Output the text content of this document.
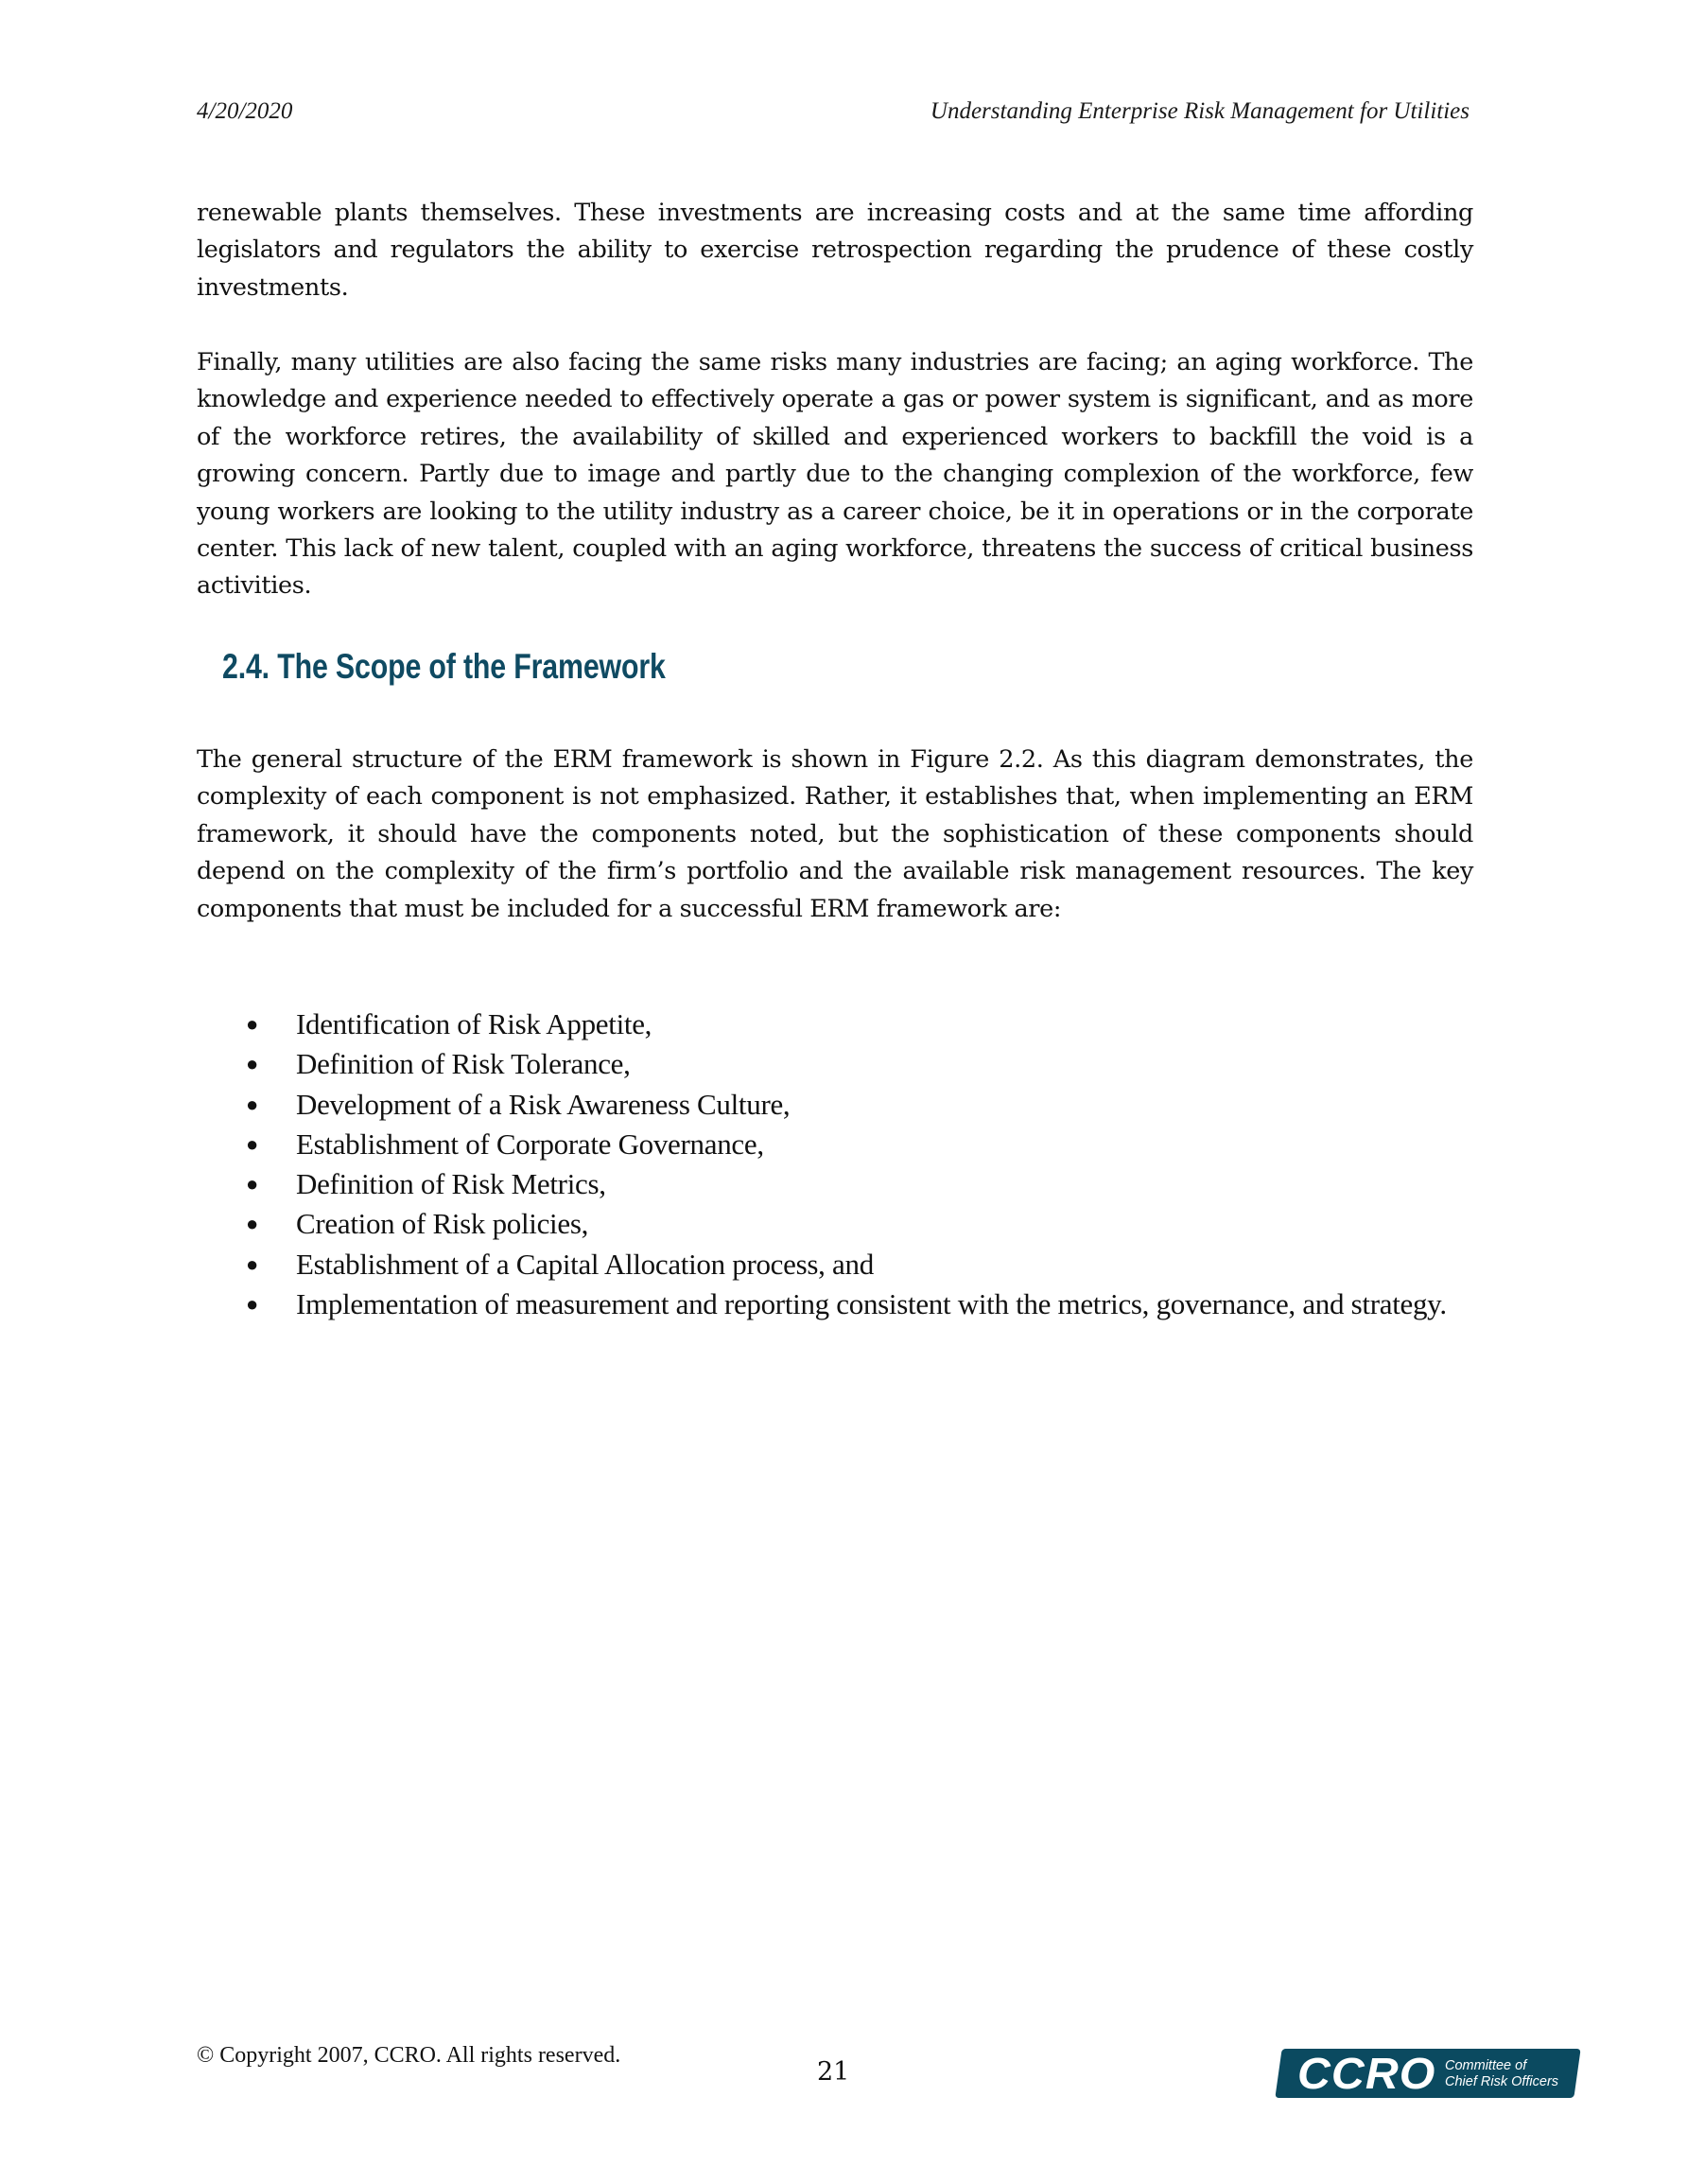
4/20/2020	Understanding Enterprise Risk Management for Utilities

renewable plants themselves. These investments are increasing costs and at the same time affording legislators and regulators the ability to exercise retrospection regarding the prudence of these costly investments.

Finally, many utilities are also facing the same risks many industries are facing; an aging workforce. The knowledge and experience needed to effectively operate a gas or power system is significant, and as more of the workforce retires, the availability of skilled and experienced workers to backfill the void is a growing concern. Partly due to image and partly due to the changing complexion of the workforce, few young workers are looking to the utility industry as a career choice, be it in operations or in the corporate center. This lack of new talent, coupled with an aging workforce, threatens the success of critical business activities.

2.4. The Scope of the Framework

The general structure of the ERM framework is shown in Figure 2.2. As this diagram demonstrates, the complexity of each component is not emphasized. Rather, it establishes that, when implementing an ERM framework, it should have the components noted, but the sophistication of these components should depend on the complexity of the firm’s portfolio and the available risk management resources. The key components that must be included for a successful ERM framework are:

● Identification of Risk Appetite,
● Definition of Risk Tolerance,
● Development of a Risk Awareness Culture,
● Establishment of Corporate Governance,
● Definition of Risk Metrics,
● Creation of Risk policies,
● Establishment of a Capital Allocation process, and
● Implementation of measurement and reporting consistent with the metrics, governance, and strategy.
© Copyright 2007, CCRO. All rights reserved.
21	CCRO Committee of
Chief Risk Officers
